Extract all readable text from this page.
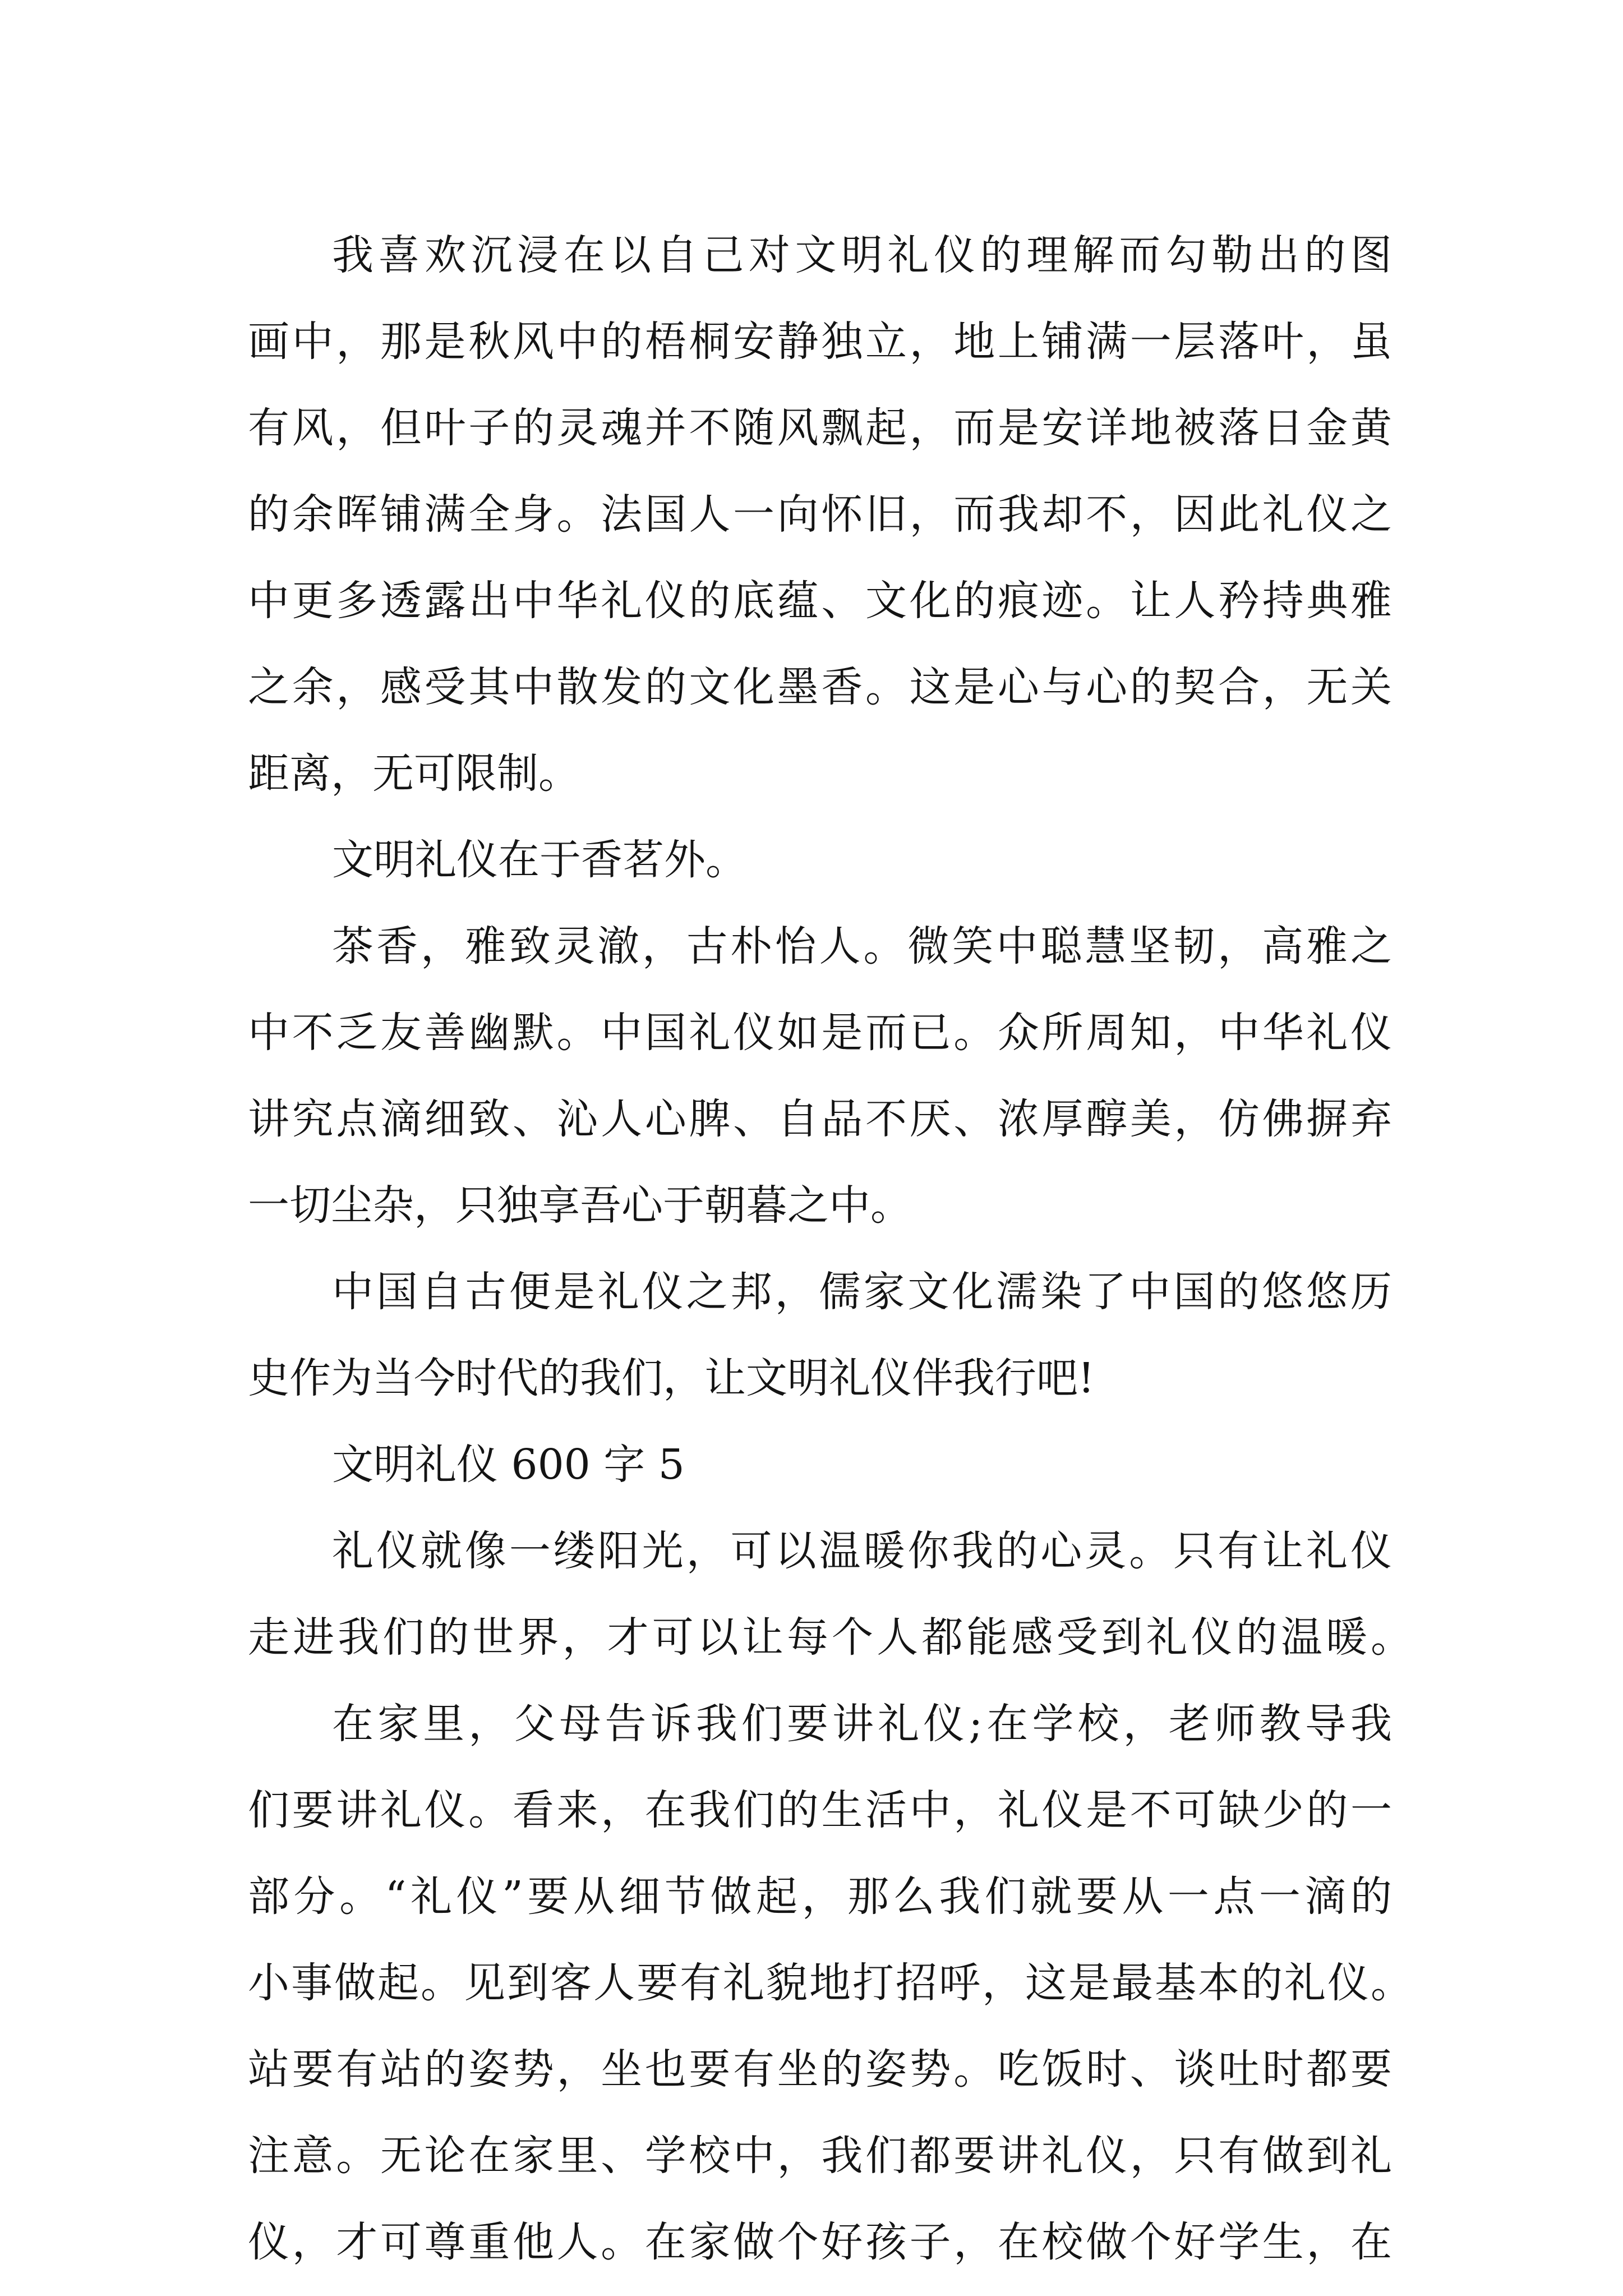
我喜欢沉浸在以自己对文明礼仪的理解而勾勒出的图
画中，那是秋风中的梧桐安静独立，地上铺满一层落叶，虽
有风，但叶子的灵魂并不随风飘起，而是安详地被落日金黄
的余晖铺满全身。法国人一向怀旧，而我却不，因此礼仪之
中更多透露出中华礼仪的底蕴、文化的痕迹。让人矜持典雅
之余，感受其中散发的文化墨香。这是心与心的契合，无关
距离，无可限制。
文明礼仪在于香茗外。
茶香，雅致灵澈，古朴怡人。微笑中聪慧坚韧，高雅之
中不乏友善幽默。中国礼仪如是而已。众所周知，中华礼仪
讲究点滴细致、沁人心脾、自品不厌、浓厚醇美，仿佛摒弃
一切尘杂，只独享吾心于朝暮之中。
中国自古便是礼仪之邦，儒家文化濡染了中国的悠悠历
史作为当今时代的我们，让文明礼仪伴我行吧!
文明礼仪 600 字 5
礼仪就像一缕阳光，可以温暖你我的心灵。只有让礼仪
走进我们的世界，才可以让每个人都能感受到礼仪的温暖。
在家里，父母告诉我们要讲礼仪;在学校，老师教导我
们要讲礼仪。看来，在我们的生活中，礼仪是不可缺少的一
部分。“礼仪”要从细节做起，那么我们就要从一点一滴的
小事做起。见到客人要有礼貌地打招呼，这是最基本的礼仪。
站要有站的姿势，坐也要有坐的姿势。吃饭时、谈吐时都要
注意。无论在家里、学校中，我们都要讲礼仪，只有做到礼
仪，才可尊重他人。在家做个好孩子，在校做个好学生，在
